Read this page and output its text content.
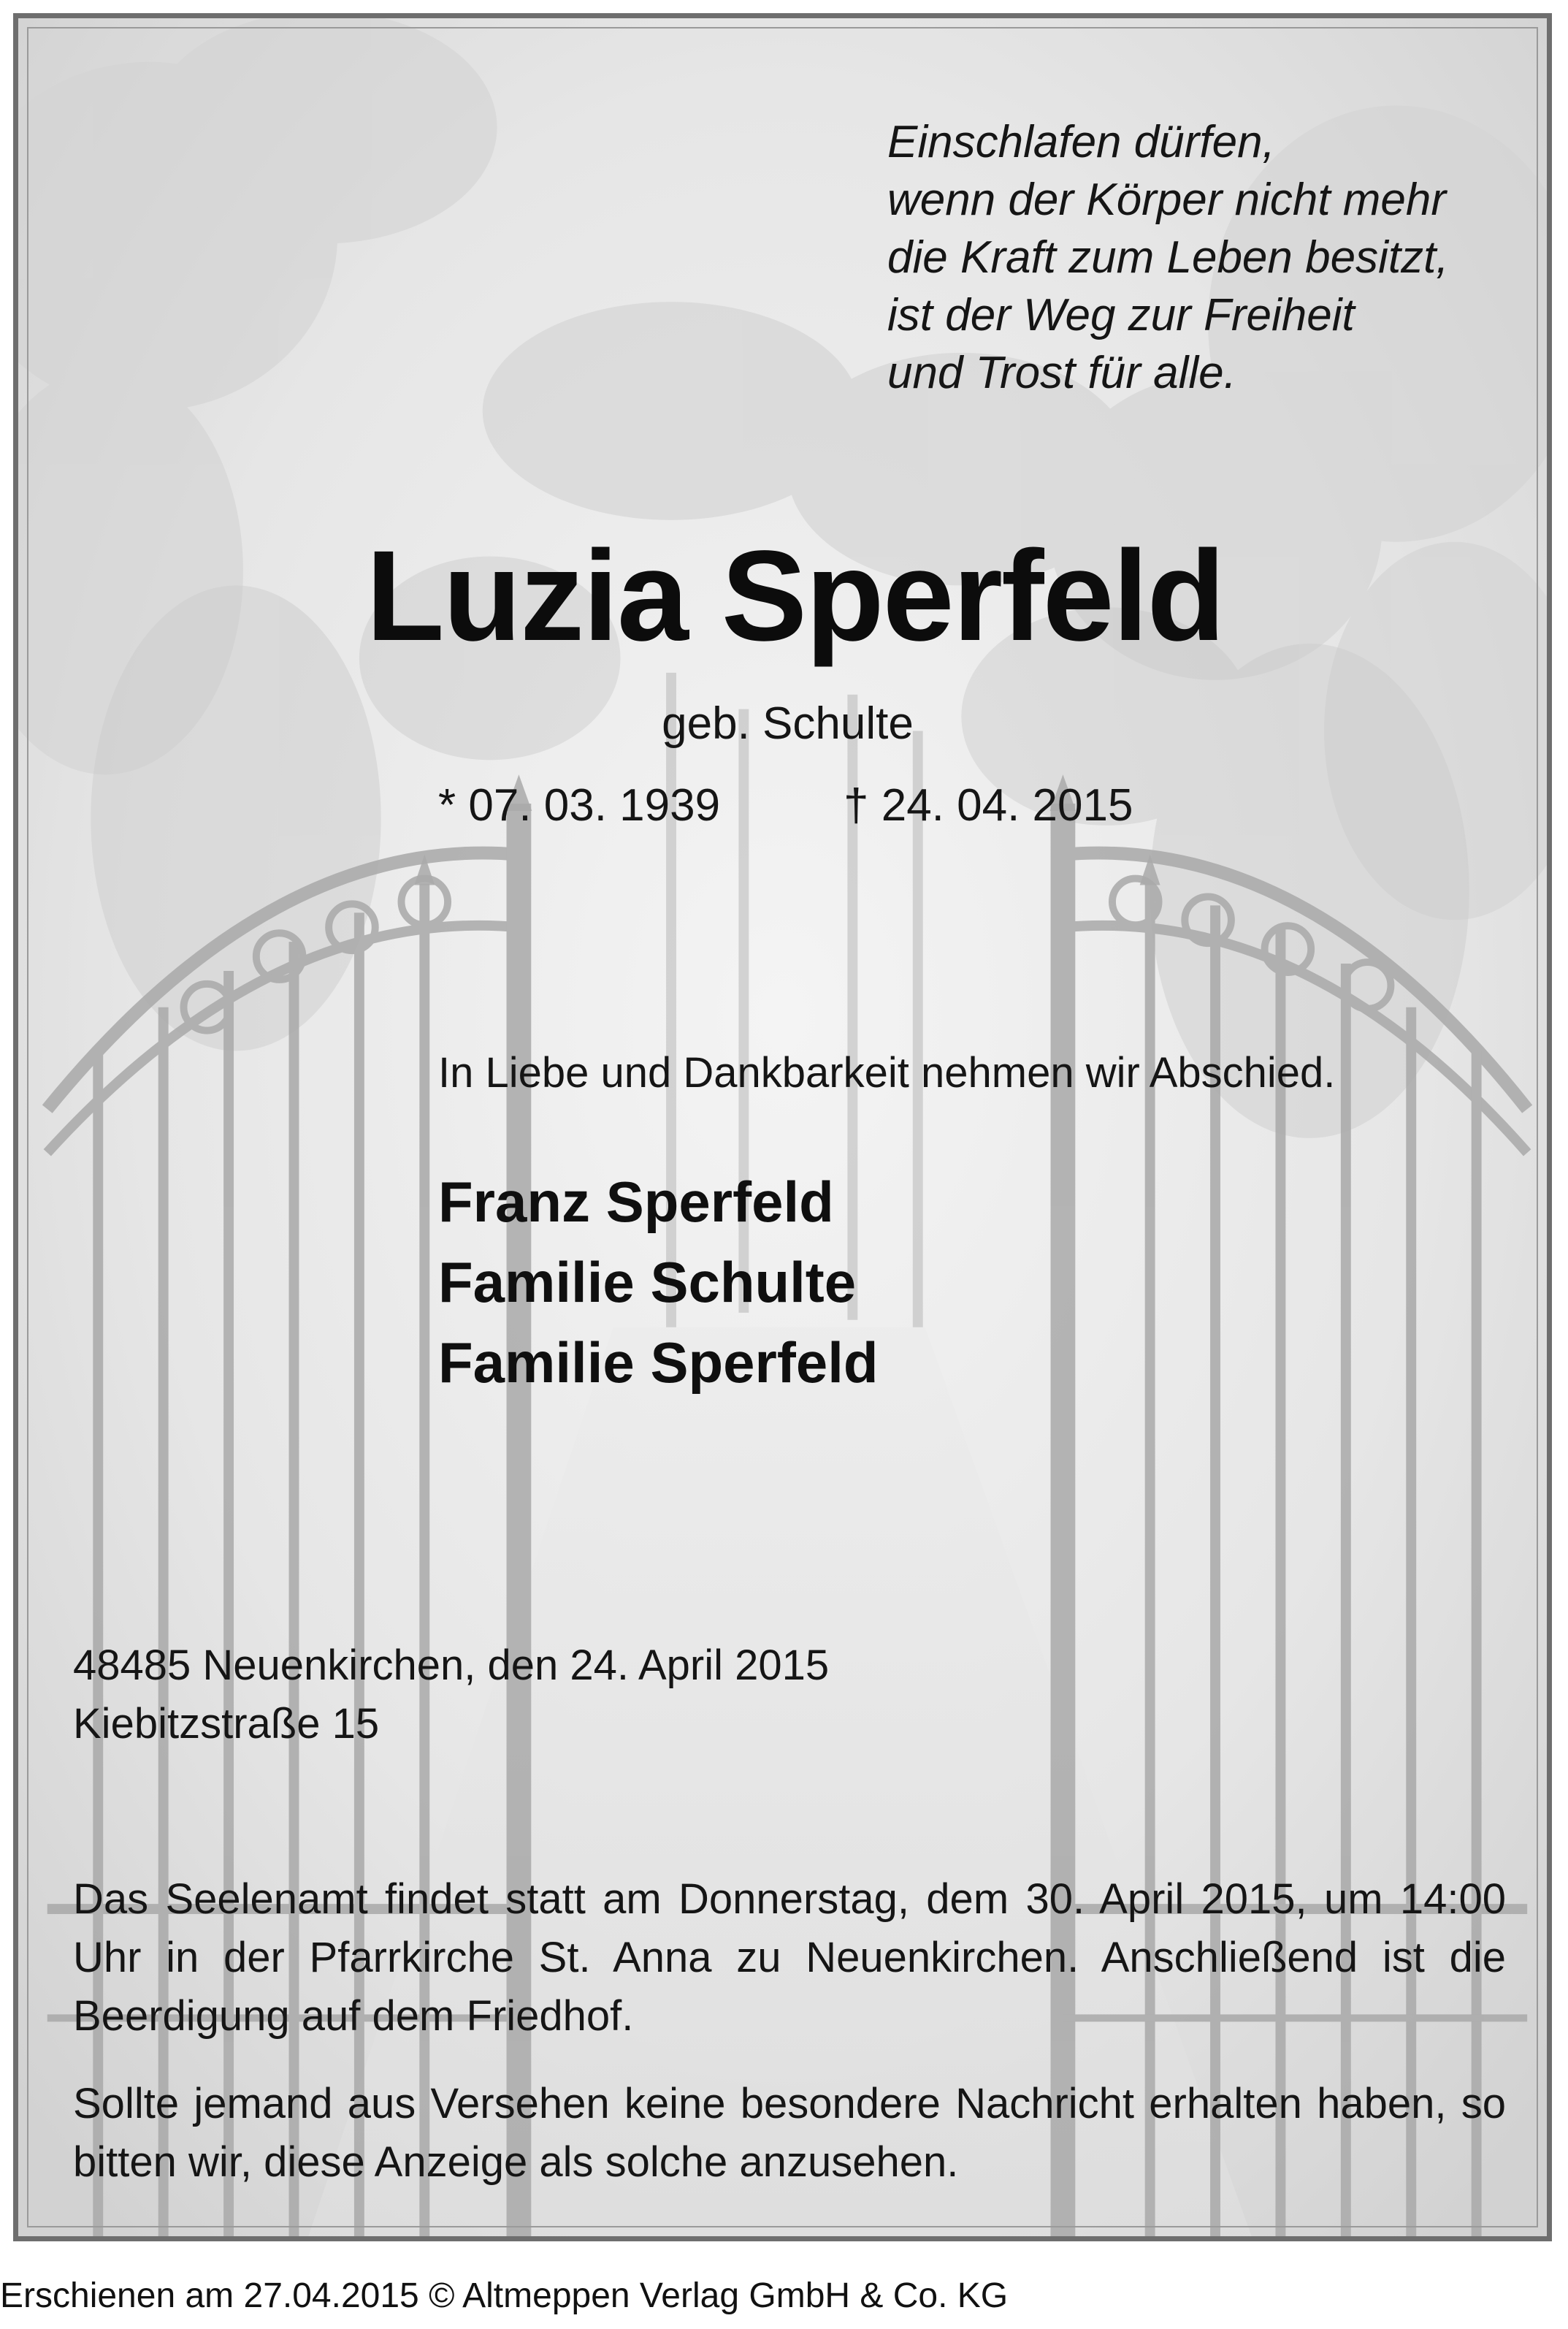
Einschlafen dürfen,
wenn der Körper nicht mehr
die Kraft zum Leben besitzt,
ist der Weg zur Freiheit
und Trost für alle.
Luzia Sperfeld
geb. Schulte
* 07. 03. 1939	† 24. 04. 2015
In Liebe und Dankbarkeit nehmen wir Abschied.
Franz Sperfeld
Familie Schulte
Familie Sperfeld
48485 Neuenkirchen, den 24. April 2015
Kiebitzstraße 15
Das Seelenamt findet statt am Donnerstag, dem 30. April 2015, um 14:00 Uhr in der Pfarrkirche St. Anna zu Neuenkirchen. Anschließend ist die Beerdigung auf dem Friedhof.
Sollte jemand aus Versehen keine besondere Nachricht erhalten haben, so bitten wir, diese Anzeige als solche anzusehen.
Erschienen am 27.04.2015 © Altmeppen Verlag GmbH & Co. KG
